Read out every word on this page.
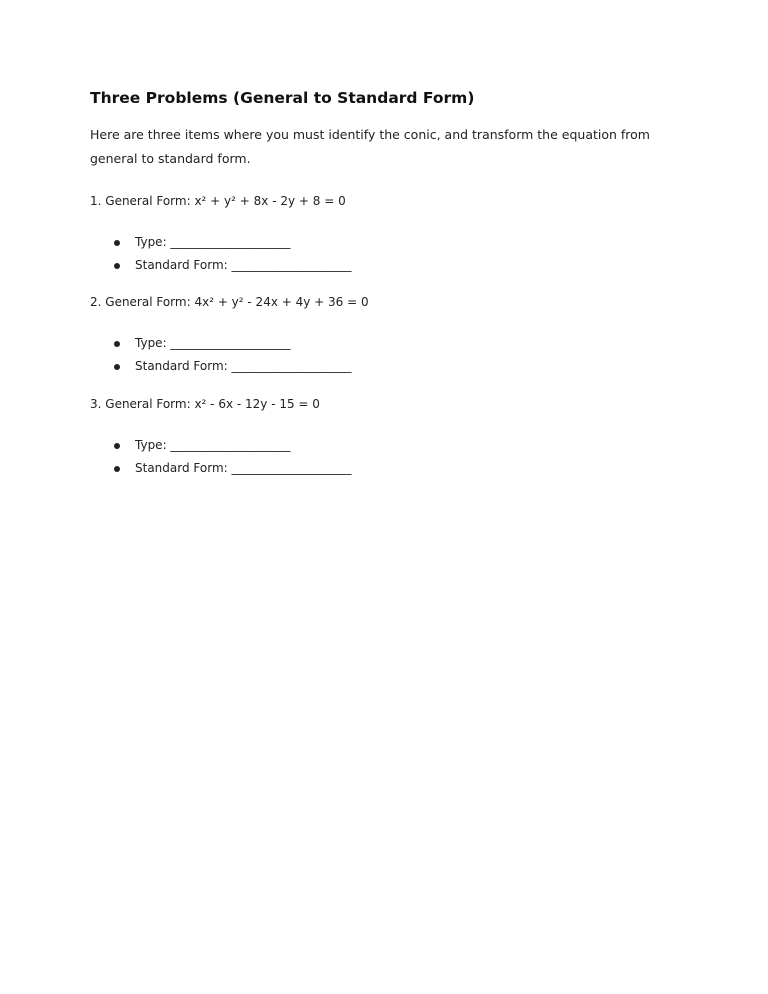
Three Problems (General to Standard Form)

Here are three items where you must identify the conic, and transform the equation from general to standard form.

1. General Form: x² + y² + 8x - 2y + 8 = 0

Type: ____________________
Standard Form: ____________________

2. General Form: 4x² + y² - 24x + 4y + 36 = 0

Type: ____________________
Standard Form: ____________________

3. General Form: x² - 6x - 12y - 15 = 0

Type: ____________________
Standard Form: ____________________
